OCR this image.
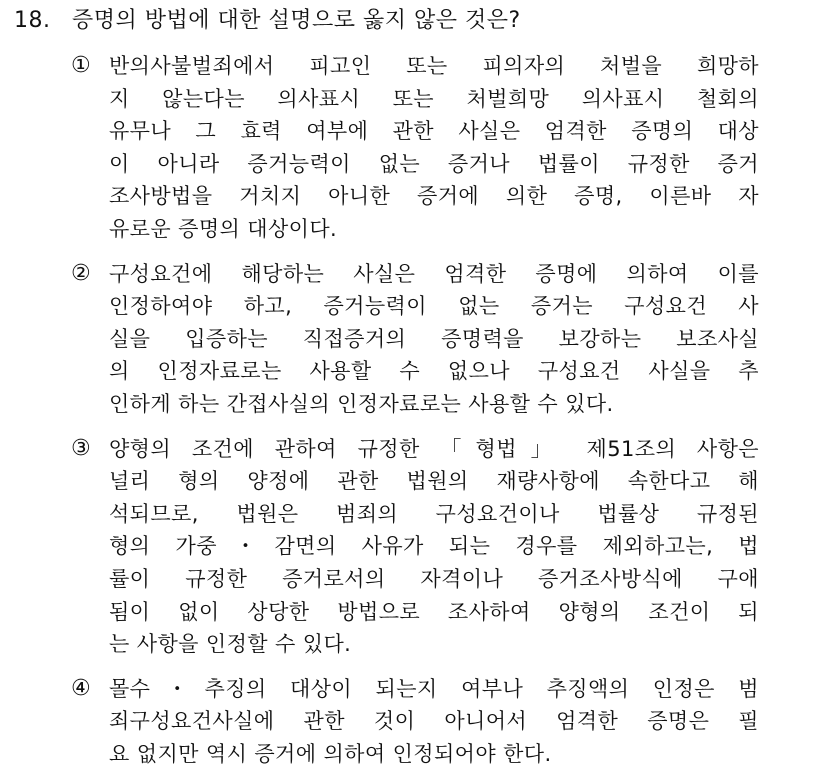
18. 증명의 방법에 대한 설명으로 옳지 않은 것은?
① 반의사불벌죄에서 피고인 또는 피의자의 처벌을 희망하
지 않는다는 의사표시 또는 처벌희망 의사표시 철회의
유무나 그 효력 여부에 관한 사실은 엄격한 증명의 대상
이 아니라 증거능력이 없는 증거나 법률이 규정한 증거
조사방법을 거치지 아니한 증거에 의한 증명, 이른바 자
유로운 증명의 대상이다.
② 구성요건에 해당하는 사실은 엄격한 증명에 의하여 이를
인정하여야 하고, 증거능력이 없는 증거는 구성요건 사
실을 입증하는 직접증거의 증명력을 보강하는 보조사실
의 인정자료로는 사용할 수 없으나 구성요건 사실을 추
인하게 하는 간접사실의 인정자료로는 사용할 수 있다.
③ 양형의 조건에 관하여 규정한 「형법」 제51조의 사항은
널리 형의 양정에 관한 법원의 재량사항에 속한다고 해
석되므로, 법원은 범죄의 구성요건이나 법률상 규정된
형의 가중・감면의 사유가 되는 경우를 제외하고는, 법
률이 규정한 증거로서의 자격이나 증거조사방식에 구애
됨이 없이 상당한 방법으로 조사하여 양형의 조건이 되
는 사항을 인정할 수 있다.
④ 몰수・추징의 대상이 되는지 여부나 추징액의 인정은 범
죄구성요건사실에 관한 것이 아니어서 엄격한 증명은 필
요 없지만 역시 증거에 의하여 인정되어야 한다.
